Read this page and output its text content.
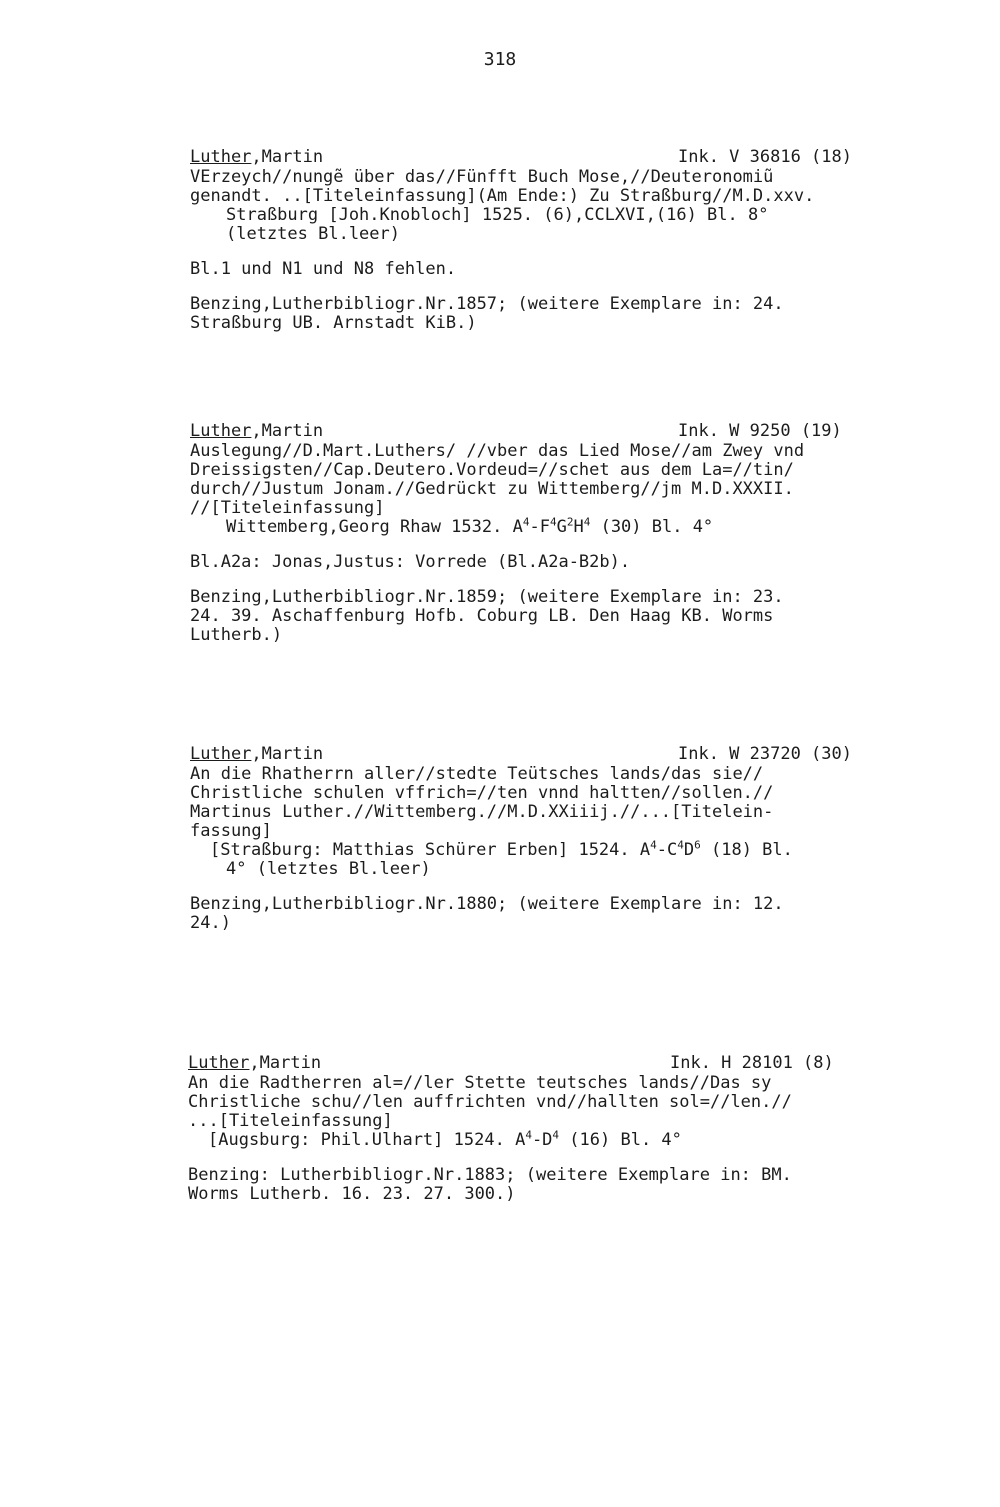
318
Luther,Martin	Ink. V 36816 (18)
VErzeych//nungẽ über das//Fünfft Buch Mose,//Deuteronomiũ
genandt. ..[Titeleinfassung](Am Ende:) Zu Straßburg//M.D.xxv.
Straßburg [Joh.Knobloch] 1525. (6),CCLXVI,(16) Bl. 8°
(letztes Bl.leer)
Bl.1 und N1 und N8 fehlen.
Benzing,Lutherbibliogr.Nr.1857; (weitere Exemplare in: 24.
Straßburg UB. Arnstadt KiB.)
Luther,Martin	Ink. W 9250 (19)
Auslegung//D.Mart.Luthers/ //vber das Lied Mose//am Zwey vnd
Dreissigsten//Cap.Deutero.Vordeud=//schet aus dem La=//tin/
durch//Justum Jonam.//Gedrückt zu Wittemberg//jm M.D.XXXII.
//[Titeleinfassung]
Wittemberg,Georg Rhaw 1532. $A^4-F^4G^2H^4$ (30) Bl. 4°
Bl.A2a: Jonas,Justus: Vorrede (Bl.A2a-B2b).
Benzing,Lutherbibliogr.Nr.1859; (weitere Exemplare in: 23.
24. 39. Aschaffenburg Hofb. Coburg LB. Den Haag KB. Worms
Lutherb.)
Luther,Martin	Ink. W 23720 (30)
An die Rhatherrn aller//stedte Teütsches lands/das sie//
Christliche schulen vffrich=//ten vnnd haltten//sollen.//
Martinus Luther.//Wittemberg.//M.D.XXiiij.//...[Titelein-
fassung]
[Straßburg: Matthias Schürer Erben] 1524. $A^4-C^4D^6$ (18) Bl.
4° (letztes Bl.leer)
Benzing,Lutherbibliogr.Nr.1880; (weitere Exemplare in: 12.
24.)
Luther,Martin	Ink. H 28101 (8)
An die Radtherren al=//ler Stette teutsches lands//Das sy
Christliche schu//len auffrichten vnd//hallten sol=//len.//
...[Titeleinfassung]
[Augsburg: Phil.Ulhart] 1524. $A^4-D^4$ (16) Bl. 4°
Benzing: Lutherbibliogr.Nr.1883; (weitere Exemplare in: BM.
Worms Lutherb. 16. 23. 27. 300.)
